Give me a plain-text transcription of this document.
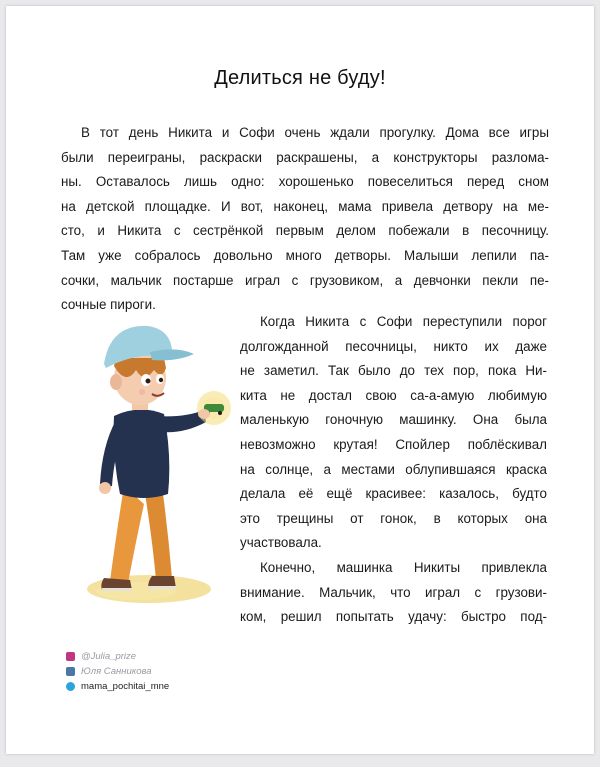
Делиться не буду!
В тот день Никита и Софи очень ждали прогулку. Дома все игры
были переиграны, раскраски раскрашены, а конструкторы разлома-
ны. Оставалось лишь одно: хорошенько повеселиться перед сном
на детской площадке. И вот, наконец, мама привела детвору на ме-
сто, и Никита с сестрёнкой первым делом побежали в песочницу.
Там уже собралось довольно много детворы. Малыши лепили па-
сочки, мальчик постарше играл с грузовиком, а девчонки пекли пе-
сочные пироги.
Когда Никита с Софи переступили порог
долгожданной песочницы, никто их даже
не заметил. Так было до тех пор, пока Ни-
кита не достал свою са-а-амую любимую
маленькую гоночную машинку. Она была
невозможно крутая! Спойлер поблёскивал
на солнце, а местами облупившаяся краска
делала её ещё красивее: казалось, будто
это трещины от гонок, в которых она
участвовала.
Конечно, машинка Никиты привлекла
внимание. Мальчик, что играл с грузови-
ком, решил попытать удачу: быстро под-
@Julia_prize
Юля Санникова
mama_pochitai_mne
